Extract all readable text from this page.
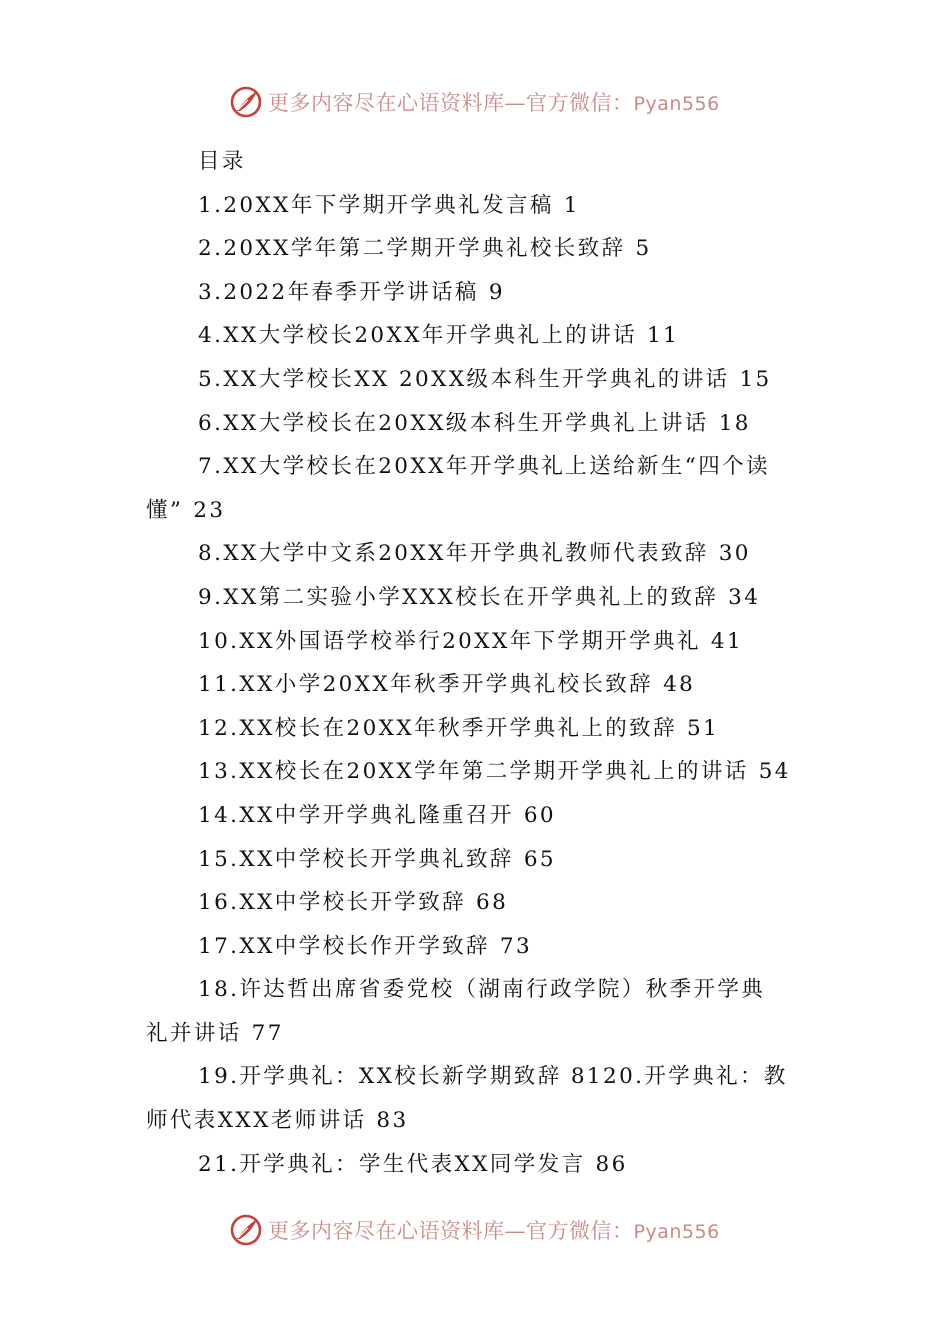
更多内容尽在心语资料库—官方微信：Pyan556
目录
1.20XX年下学期开学典礼发言稿 1
2.20XX学年第二学期开学典礼校长致辞 5
3.2022年春季开学讲话稿 9
4.XX大学校长20XX年开学典礼上的讲话 11
5.XX大学校长XX 20XX级本科生开学典礼的讲话 15
6.XX大学校长在20XX级本科生开学典礼上讲话 18
7.XX大学校长在20XX年开学典礼上送给新生“四个读
懂” 23
8.XX大学中文系20XX年开学典礼教师代表致辞 30
9.XX第二实验小学XXX校长在开学典礼上的致辞 34
10.XX外国语学校举行20XX年下学期开学典礼 41
11.XX小学20XX年秋季开学典礼校长致辞 48
12.XX校长在20XX年秋季开学典礼上的致辞 51
13.XX校长在20XX学年第二学期开学典礼上的讲话 54
14.XX中学开学典礼隆重召开 60
15.XX中学校长开学典礼致辞 65
16.XX中学校长开学致辞 68
17.XX中学校长作开学致辞 73
18.许达哲出席省委党校（湖南行政学院）秋季开学典
礼并讲话 77
19.开学典礼：XX校长新学期致辞 8120.开学典礼：教
师代表XXX老师讲话 83
21.开学典礼：学生代表XX同学发言 86
更多内容尽在心语资料库—官方微信：Pyan556
